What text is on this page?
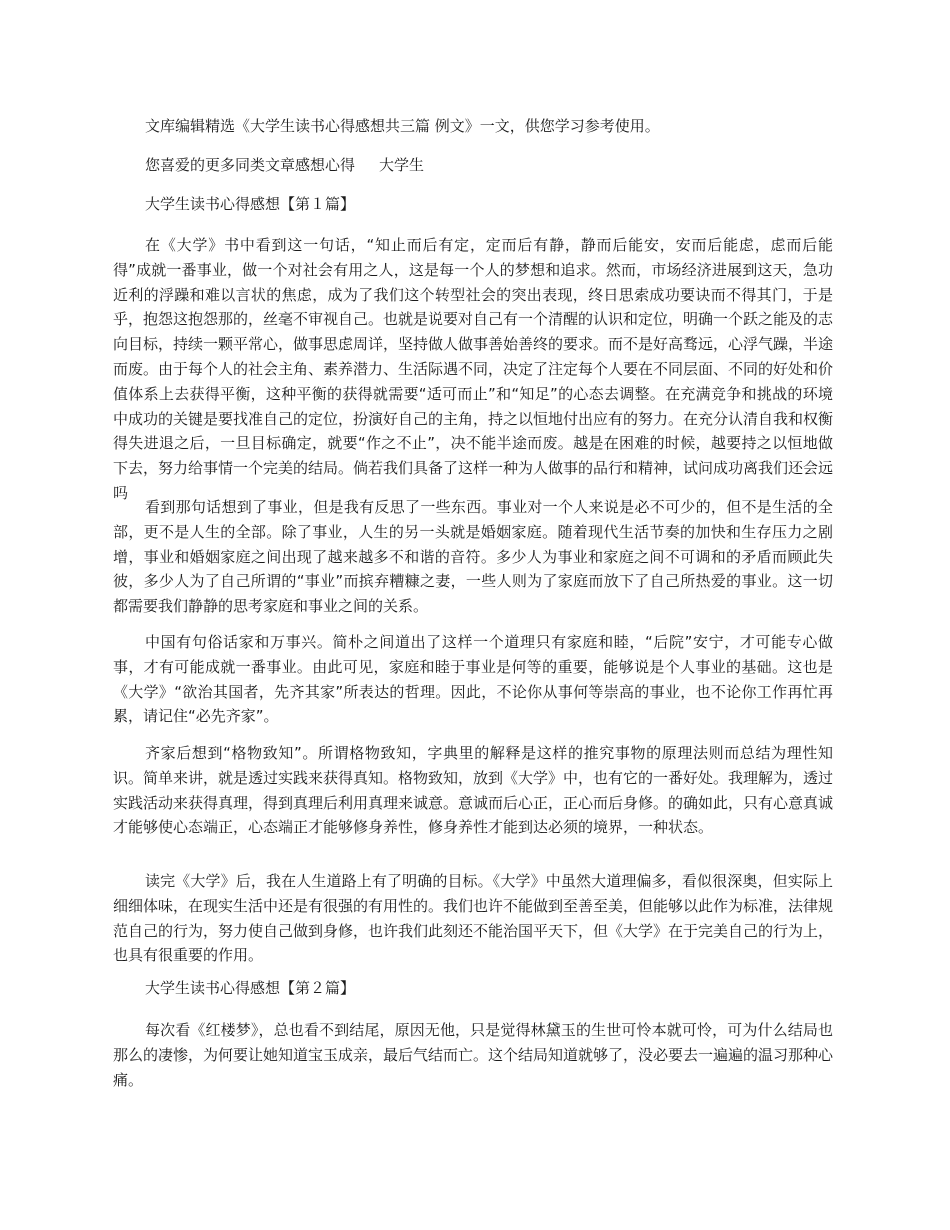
文库编辑精选《大学生读书心得感想共三篇 例文》一文，供您学习参考使用。
您喜爱的更多同类文章感想心得 大学生
大学生读书心得感想【第１篇】

在《大学》书中看到这一句话，“知止而后有定，定而后有静，静而后能安，安而后能虑，虑而后能得”成就一番事业，做一个对社会有用之人，这是每一个人的梦想和追求。然而，市场经济进展到这天，急功近利的浮躁和难以言状的焦虑，成为了我们这个转型社会的突出表现，终日思索成功要诀而不得其门，于是乎，抱怨这抱怨那的，丝毫不审视自己。也就是说要对自己有一个清醒的认识和定位，明确一个跃之能及的志向目标，持续一颗平常心，做事思虑周详，坚持做人做事善始善终的要求。而不是好高骛远，心浮气躁，半途而废。由于每个人的社会主角、素养潜力、生活际遇不同，决定了注定每个人要在不同层面、不同的好处和价值体系上去获得平衡，这种平衡的获得就需要“适可而止”和“知足”的心态去调整。在充满竞争和挑战的环境中成功的关键是要找准自己的定位，扮演好自己的主角，持之以恒地付出应有的努力。在充分认清自我和权衡得失进退之后，一旦目标确定，就要“作之不止”，决不能半途而废。越是在困难的时候，越要持之以恒地做下去，努力给事情一个完美的结局。倘若我们具备了这样一种为人做事的品行和精神，试问成功离我们还会远吗

看到那句话想到了事业，但是我有反思了一些东西。事业对一个人来说是必不可少的，但不是生活的全部，更不是人生的全部。除了事业，人生的另一头就是婚姻家庭。随着现代生活节奏的加快和生存压力之剧增，事业和婚姻家庭之间出现了越来越多不和谐的音符。多少人为事业和家庭之间不可调和的矛盾而顾此失彼，多少人为了自己所谓的“事业”而摈弃糟糠之妻，一些人则为了家庭而放下了自己所热爱的事业。这一切都需要我们静静的思考家庭和事业之间的关系。

中国有句俗话家和万事兴。简朴之间道出了这样一个道理只有家庭和睦，“后院”安宁，才可能专心做事，才有可能成就一番事业。由此可见，家庭和睦于事业是何等的重要，能够说是个人事业的基础。这也是《大学》“欲治其国者，先齐其家”所表达的哲理。因此，不论你从事何等崇高的事业，也不论你工作再忙再累，请记住“必先齐家”。

齐家后想到“格物致知”。所谓格物致知，字典里的解释是这样的推究事物的原理法则而总结为理性知识。简单来讲，就是透过实践来获得真知。格物致知，放到《大学》中，也有它的一番好处。我理解为，透过实践活动来获得真理，得到真理后利用真理来诚意。意诚而后心正，正心而后身修。的确如此，只有心意真诚才能够使心态端正，心态端正才能够修身养性，修身养性才能到达必须的境界，一种状态。

读完《大学》后，我在人生道路上有了明确的目标。《大学》中虽然大道理偏多，看似很深奥，但实际上细细体味，在现实生活中还是有很强的有用性的。我们也许不能做到至善至美，但能够以此作为标准，法律规范自己的行为，努力使自己做到身修，也许我们此刻还不能治国平天下，但《大学》在于完美自己的行为上，也具有很重要的作用。

大学生读书心得感想【第２篇】

每次看《红楼梦》，总也看不到结尾，原因无他，只是觉得林黛玉的生世可怜本就可怜，可为什么结局也那么的凄惨，为何要让她知道宝玉成亲，最后气结而亡。这个结局知道就够了，没必要去一遍遍的温习那种心痛。
